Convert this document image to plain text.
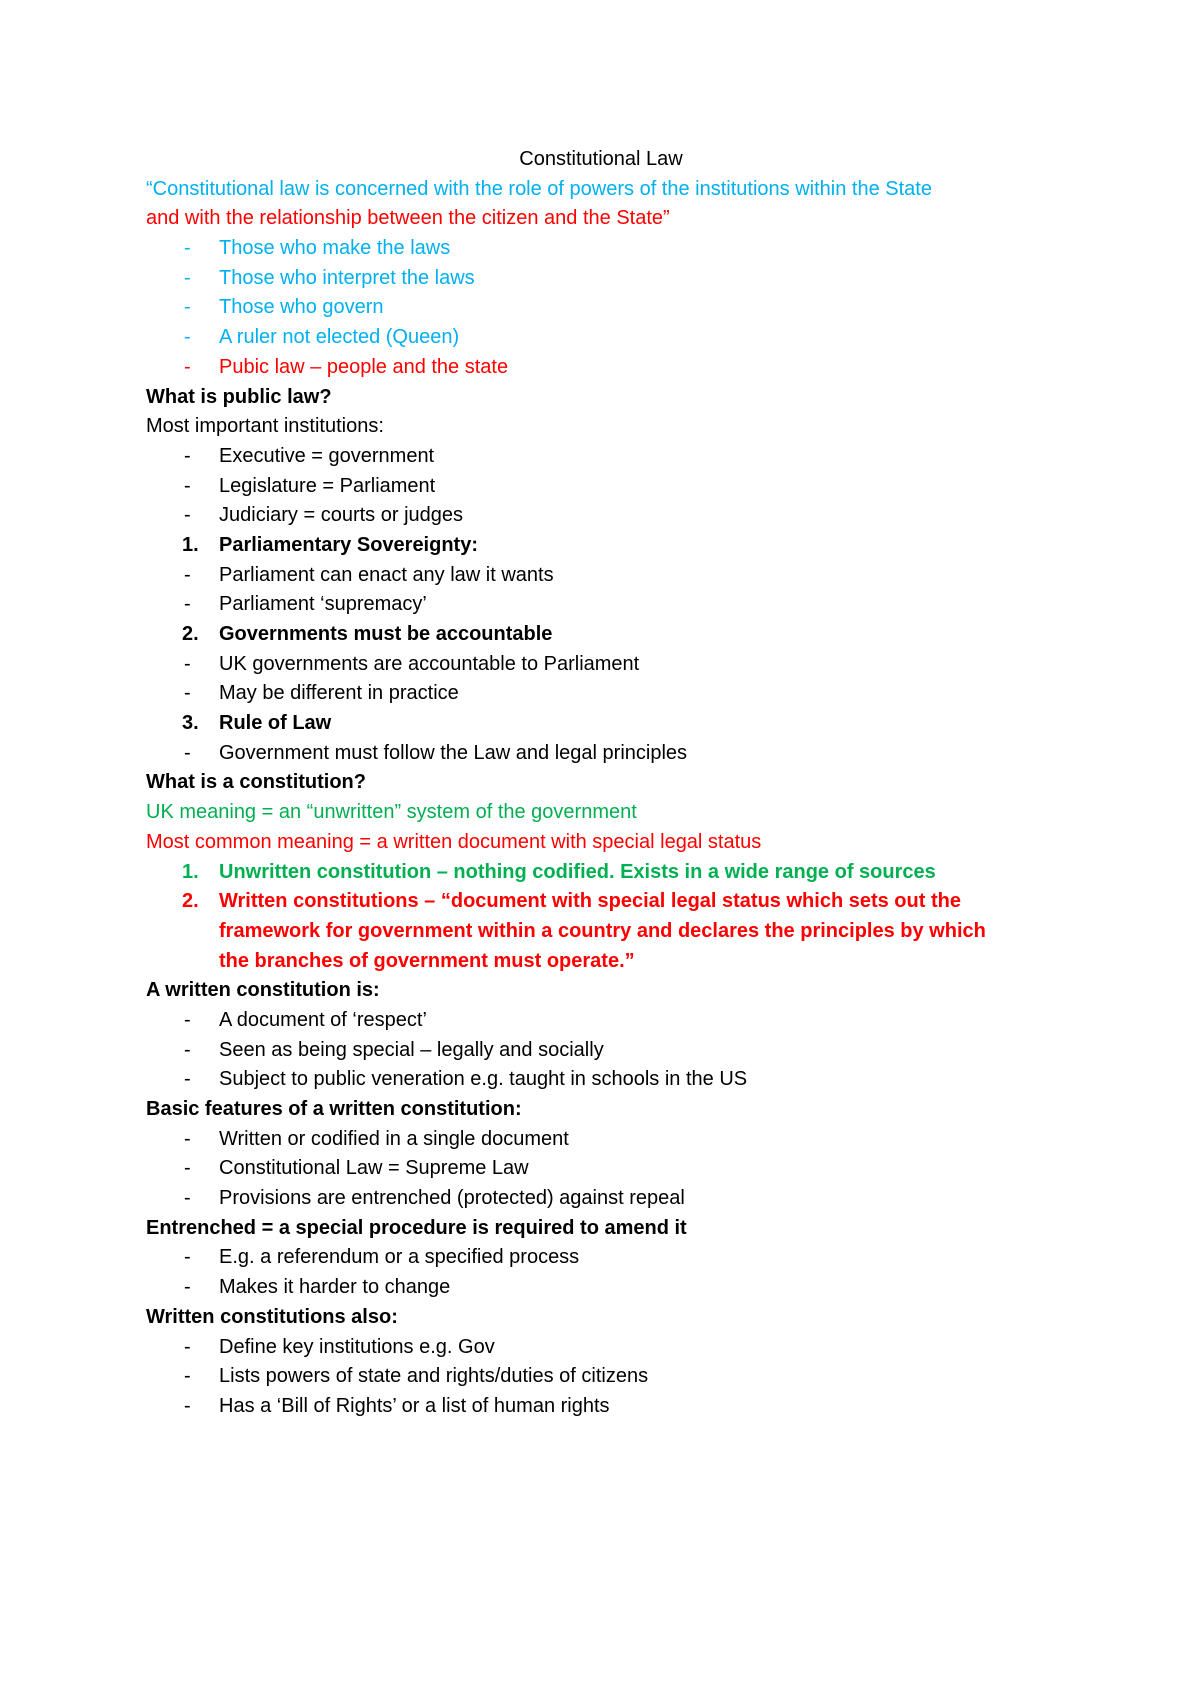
Constitutional Law
“Constitutional law is concerned with the role of powers of the institutions within the State
and with the relationship between the citizen and the State”
- Those who make the laws
- Those who interpret the laws
- Those who govern
- A ruler not elected (Queen)
- Pubic law – people and the state
What is public law?
Most important institutions:
- Executive = government
- Legislature = Parliament
- Judiciary = courts or judges
1. Parliamentary Sovereignty:
- Parliament can enact any law it wants
- Parliament ‘supremacy’
2. Governments must be accountable
- UK governments are accountable to Parliament
- May be different in practice
3. Rule of Law
- Government must follow the Law and legal principles
What is a constitution?
UK meaning = an “unwritten” system of the government
Most common meaning = a written document with special legal status
1. Unwritten constitution – nothing codified. Exists in a wide range of sources
2. Written constitutions – “document with special legal status which sets out the
framework for government within a country and declares the principles by which
the branches of government must operate.”
A written constitution is:
- A document of ‘respect’
- Seen as being special – legally and socially
- Subject to public veneration e.g. taught in schools in the US
Basic features of a written constitution:
- Written or codified in a single document
- Constitutional Law = Supreme Law
- Provisions are entrenched (protected) against repeal
Entrenched = a special procedure is required to amend it
- E.g. a referendum or a specified process
- Makes it harder to change
Written constitutions also:
- Define key institutions e.g. Gov
- Lists powers of state and rights/duties of citizens
- Has a ‘Bill of Rights’ or a list of human rights
